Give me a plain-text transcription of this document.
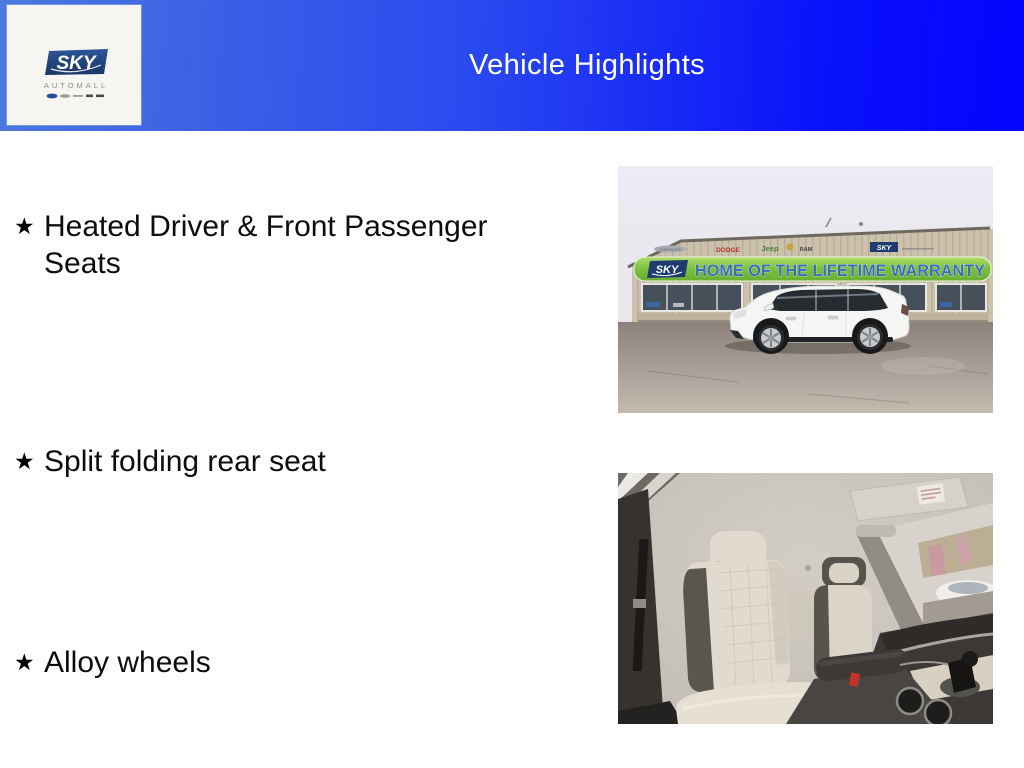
Vehicle Highlights
SKY
AUTOMALL
★ Heated Driver & Front Passenger Seats
★ Split folding rear seat
★ Alloy wheels
CHRYSLER	DODGE	Jeep	RAM	SKY
SKY HOME OF THE LIFETIME WARRANTY
